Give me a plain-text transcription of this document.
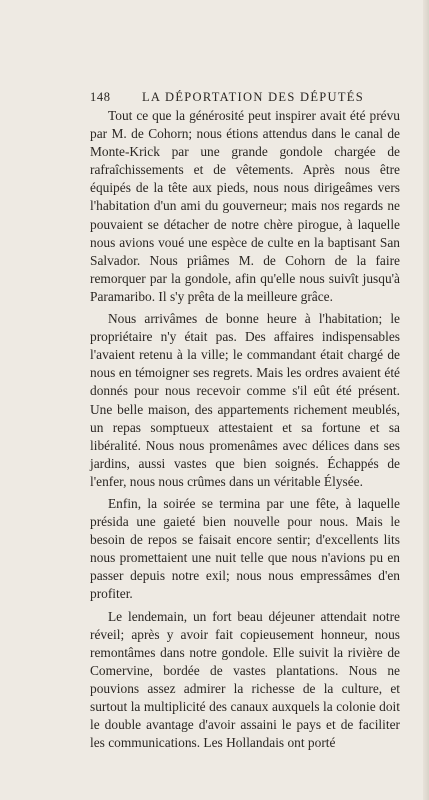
148	LA DÉPORTATION DES DÉPUTÉS

Tout ce que la générosité peut inspirer avait été prévu par M. de Cohorn; nous étions attendus dans le canal de Monte-Krick par une grande gondole chargée de rafraîchissements et de vêtements. Après nous être équipés de la tête aux pieds, nous nous dirigeâmes vers l'habitation d'un ami du gouverneur; mais nos regards ne pouvaient se détacher de notre chère pirogue, à laquelle nous avions voué une espèce de culte en la baptisant San Salvador. Nous priâmes M. de Cohorn de la faire remorquer par la gondole, afin qu'elle nous suivît jusqu'à Paramaribo. Il s'y prêta de la meilleure grâce.

Nous arrivâmes de bonne heure à l'habitation; le propriétaire n'y était pas. Des affaires indispensables l'avaient retenu à la ville; le commandant était chargé de nous en témoigner ses regrets. Mais les ordres avaient été donnés pour nous recevoir comme s'il eût été présent. Une belle maison, des appartements richement meublés, un repas somptueux attestaient et sa fortune et sa libéralité. Nous nous promenâmes avec délices dans ses jardins, aussi vastes que bien soignés. Échappés de l'enfer, nous nous crûmes dans un véritable Élysée.

Enfin, la soirée se termina par une fête, à laquelle présida une gaieté bien nouvelle pour nous. Mais le besoin de repos se faisait encore sentir; d'excellents lits nous promettaient une nuit telle que nous n'avions pu en passer depuis notre exil; nous nous empressâmes d'en profiter.

Le lendemain, un fort beau déjeuner attendait notre réveil; après y avoir fait copieusement honneur, nous remontâmes dans notre gondole. Elle suivit la rivière de Comervine, bordée de vastes plantations. Nous ne pouvions assez admirer la richesse de la culture, et surtout la multiplicité des canaux auxquels la colonie doit le double avantage d'avoir assaini le pays et de faciliter les communications. Les Hollandais ont porté
